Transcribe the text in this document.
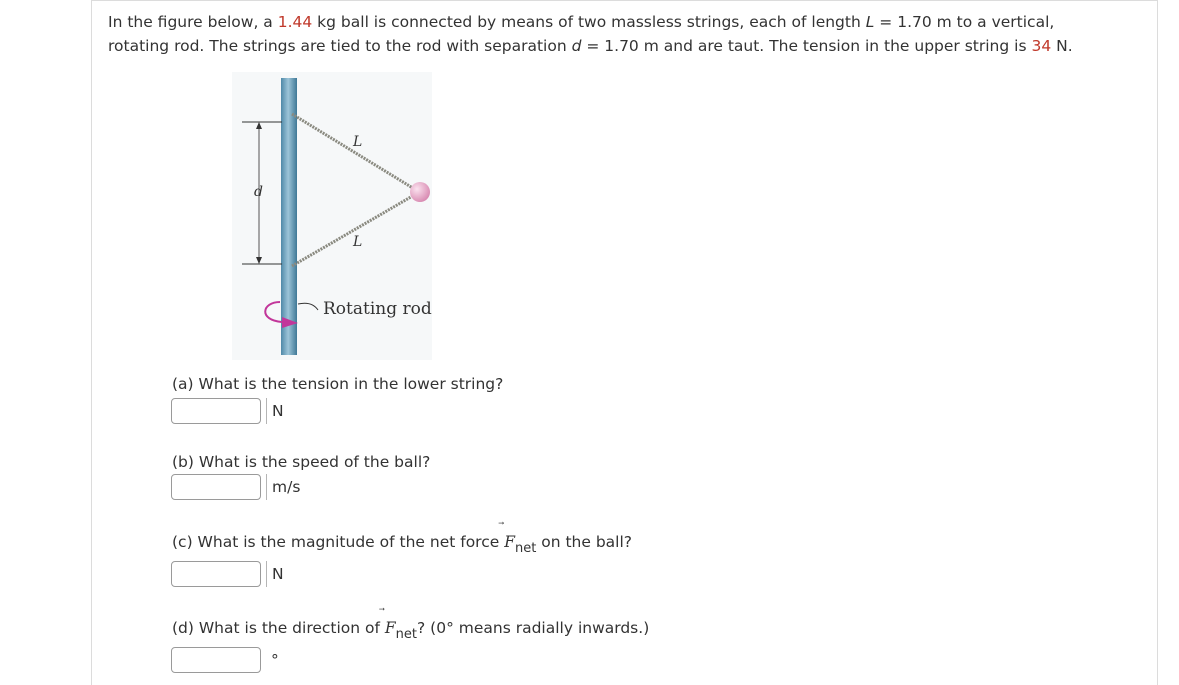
In the figure below, a 1.44 kg ball is connected by means of two massless strings, each of length L = 1.70 m to a vertical,
rotating rod. The strings are tied to the rod with separation d = 1.70 m and are taut. The tension in the upper string is 34 N.
d
L
L
Rotating rod
(a) What is the tension in the lower string?
N
(b) What is the speed of the ball?
m/s
(c) What is the magnitude of the net force
$F_{net}$ on the ball?
N
(d) What is the direction of
$F_{net}$? (0° means radially inwards.)
°
